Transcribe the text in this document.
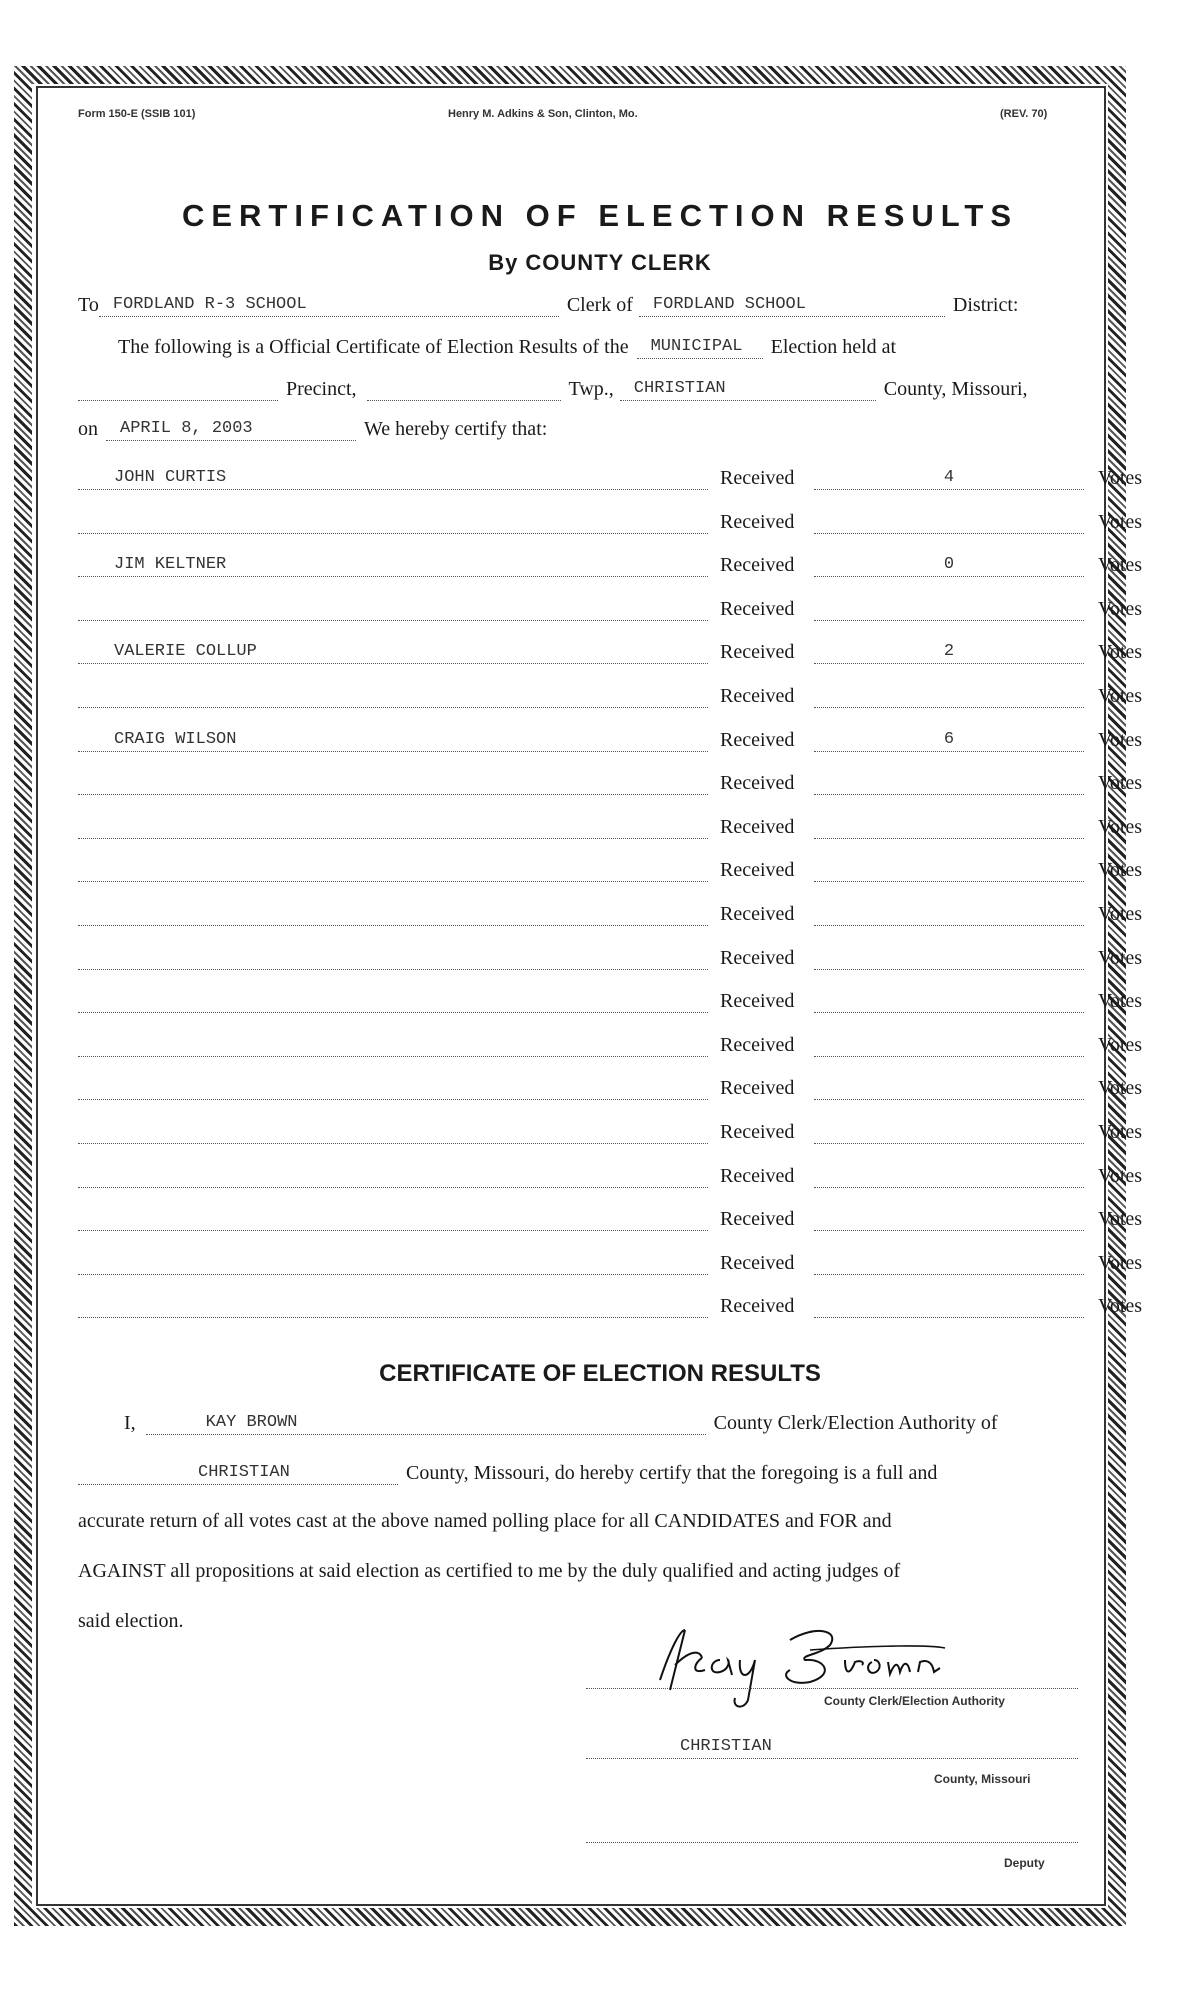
Form 150-E (SSIB 101)	Henry M. Adkins & Son, Clinton, Mo.	(REV. 70)
CERTIFICATION OF ELECTION RESULTS
By COUNTY CLERK
To FORDLAND R-3 SCHOOL	Clerk of	FORDLAND SCHOOL	District:
The following is a Official Certificate of Election Results of the	MUNICIPAL	Election held at
Precinct,	Twp.,	CHRISTIAN	County, Missouri,
on	APRIL 8, 2003	We hereby certify that:
JOHN CURTIS	Received	4	Votes
Received	Votes
JIM KELTNER	Received	0	Votes
Received	Votes
VALERIE COLLUP	Received	2	Votes
Received	Votes
CRAIG WILSON	Received	6	Votes
Received	Votes
Received	Votes
Received	Votes
Received	Votes
Received	Votes
Received	Votes
Received	Votes
Received	Votes
Received	Votes
Received	Votes
Received	Votes
Received	Votes
Received	Votes
CERTIFICATE OF ELECTION RESULTS
I,	KAY BROWN	County Clerk/Election Authority of
CHRISTIAN	County, Missouri, do hereby certify that the foregoing is a full and
accurate return of all votes cast at the above named polling place for all CANDIDATES and FOR and
AGAINST all propositions at said election as certified to me by the duly qualified and acting judges of
said election.
County Clerk/Election Authority
CHRISTIAN
County, Missouri
Deputy
